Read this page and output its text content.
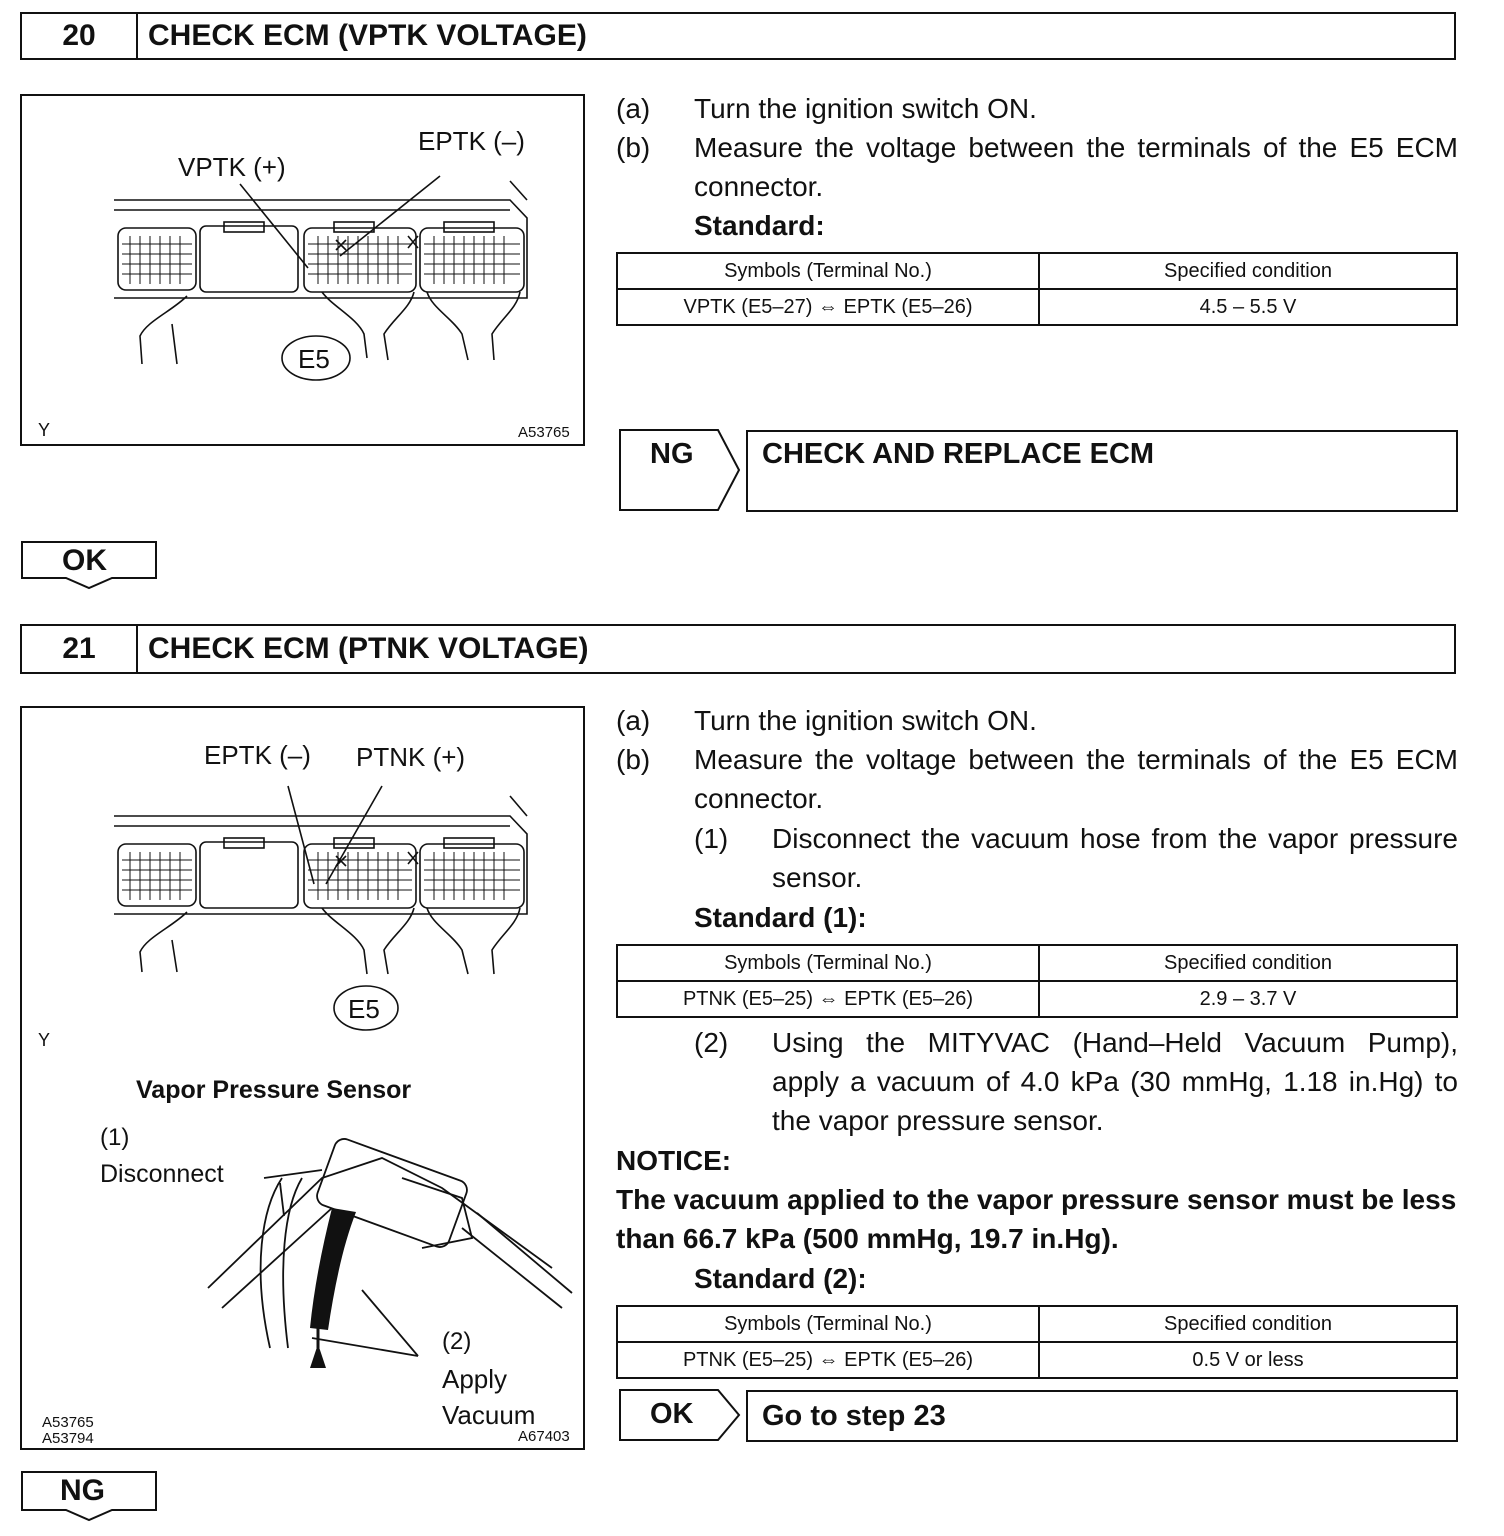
20	CHECK ECM (VPTK VOLTAGE)
VPTK (+)
EPTK (–)
E5
Y	A53765
(a) Turn the ignition switch ON.
(b) Measure the voltage between the terminals of the E5 ECM connector.
Standard:
Symbols (Terminal No.)	Specified condition
VPTK (E5–27) ⇔ EPTK (E5–26)	4.5 – 5.5 V
NG	CHECK AND REPLACE ECM
OK
21	CHECK ECM (PTNK VOLTAGE)
EPTK (–) PTNK (+)
E5
Y
Vapor Pressure Sensor
(1)
Disconnect
(2)
Apply
Vacuum
A53765
A53794	A67403
(a) Turn the ignition switch ON.
(b) Measure the voltage between the terminals of the E5 ECM connector.
(1) Disconnect the vacuum hose from the vapor pressure sensor.
Standard (1):
Symbols (Terminal No.)	Specified condition
PTNK (E5–25) ⇔ EPTK (E5–26)	2.9 – 3.7 V
(2) Using the MITYVAC (Hand–Held Vacuum Pump), apply a vacuum of 4.0 kPa (30 mmHg, 1.18 in.Hg) to the vapor pressure sensor.
NOTICE:
The vacuum applied to the vapor pressure sensor must be less than 66.7 kPa (500 mmHg, 19.7 in.Hg).
Standard (2):
Symbols (Terminal No.)	Specified condition
PTNK (E5–25) ⇔ EPTK (E5–26)	0.5 V or less
OK Go to step 23
NG
